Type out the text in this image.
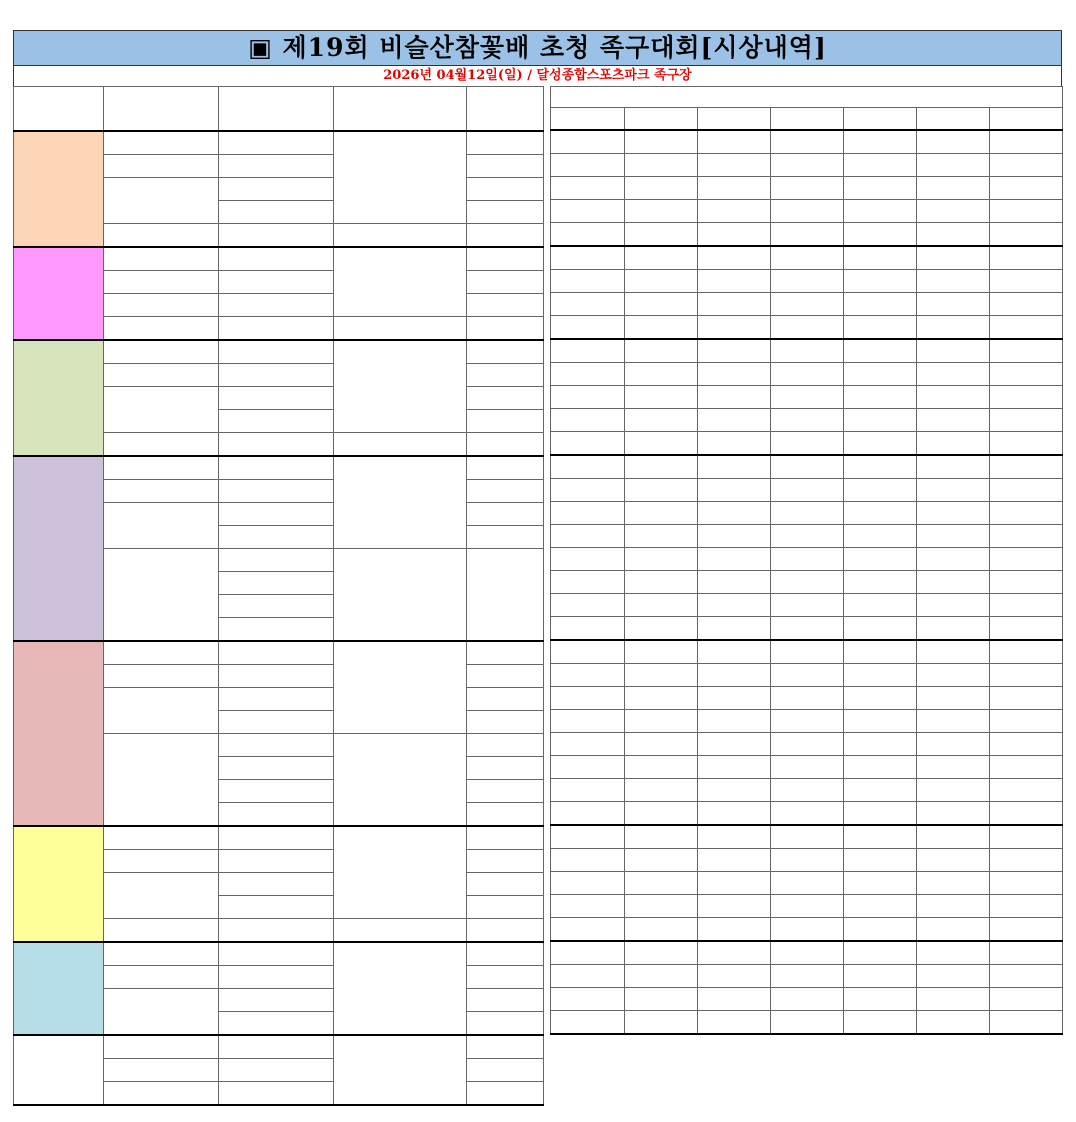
▣ 제19회 비슬산참꽃배 초청 족구대회[시상내역]
2026년 04월12일(일) / 달성종합스포츠파크 족구장
